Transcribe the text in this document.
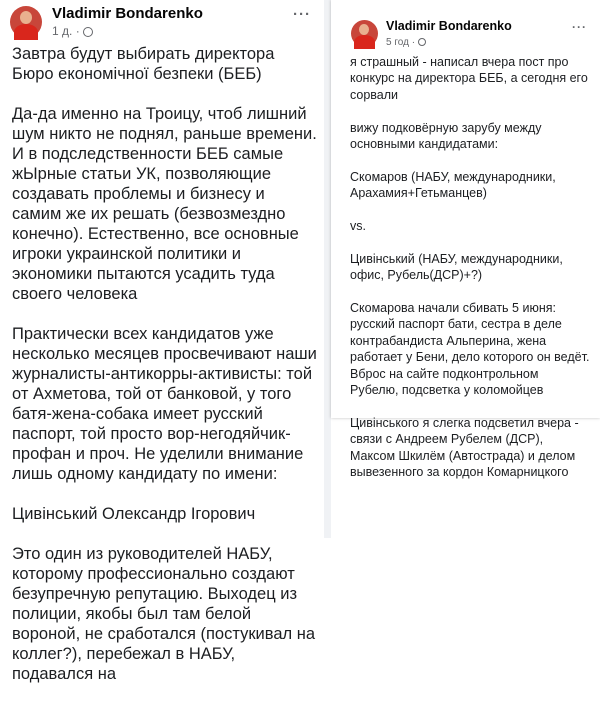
Vladimir Bondarenko
1 д. ·
···

Завтра будут выбирать директора Бюро економічної безпеки (БЕБ)

Да-да именно на Троицу, чтоб лишний шум никто не поднял, раньше времени. И в подследственности БЕБ самые жЫрные статьи УК, позволяющие создавать проблемы и бизнесу и самим же их решать (безвозмездно конечно). Естественно, все основные игроки украинской политики и экономики пытаются усадить туда своего человека

Практически всех кандидатов уже несколько месяцев просвечивают наши журналисты-антикорры-активисты: той от Ахметова, той от банковой, у того батя-жена-собака имеет русский паспорт, той просто вор-негодяйчик-профан и проч. Не уделили внимание лишь одному кандидату по имени:

Цивінський Олександр Ігорович

Это один из руководителей НАБУ, которому профессионально создают безупречную репутацию. Выходец из полиции, якобы был там белой вороной, не сработался (постукивал на коллег?), перебежал в НАБУ, подавался на

Vladimir Bondarenko
5 год ·
···

я страшный - написал вчера пост про конкурс на директора БЕБ, а сегодня его сорвали

вижу подковёрную зарубу между основными кандидатами:

Скомаров (НАБУ, международники, Арахамия+Гетьманцев)

vs.

Цивінський (НАБУ, международники, офис, Рубель(ДСР)+?)

Скомарова начали сбивать 5 июня: русский паспорт бати, сестра в деле контрабандиста Альперина, жена работает у Бени, дело которого он ведёт. Вброс на сайте подконтрольном Рубелю, подсветка у коломойцев

Цивінського я слегка подсветил вчера - связи с Андреем Рубелем (ДСР), Максом Шкилём (Автострада) и делом вывезенного за кордон Комарницкого
